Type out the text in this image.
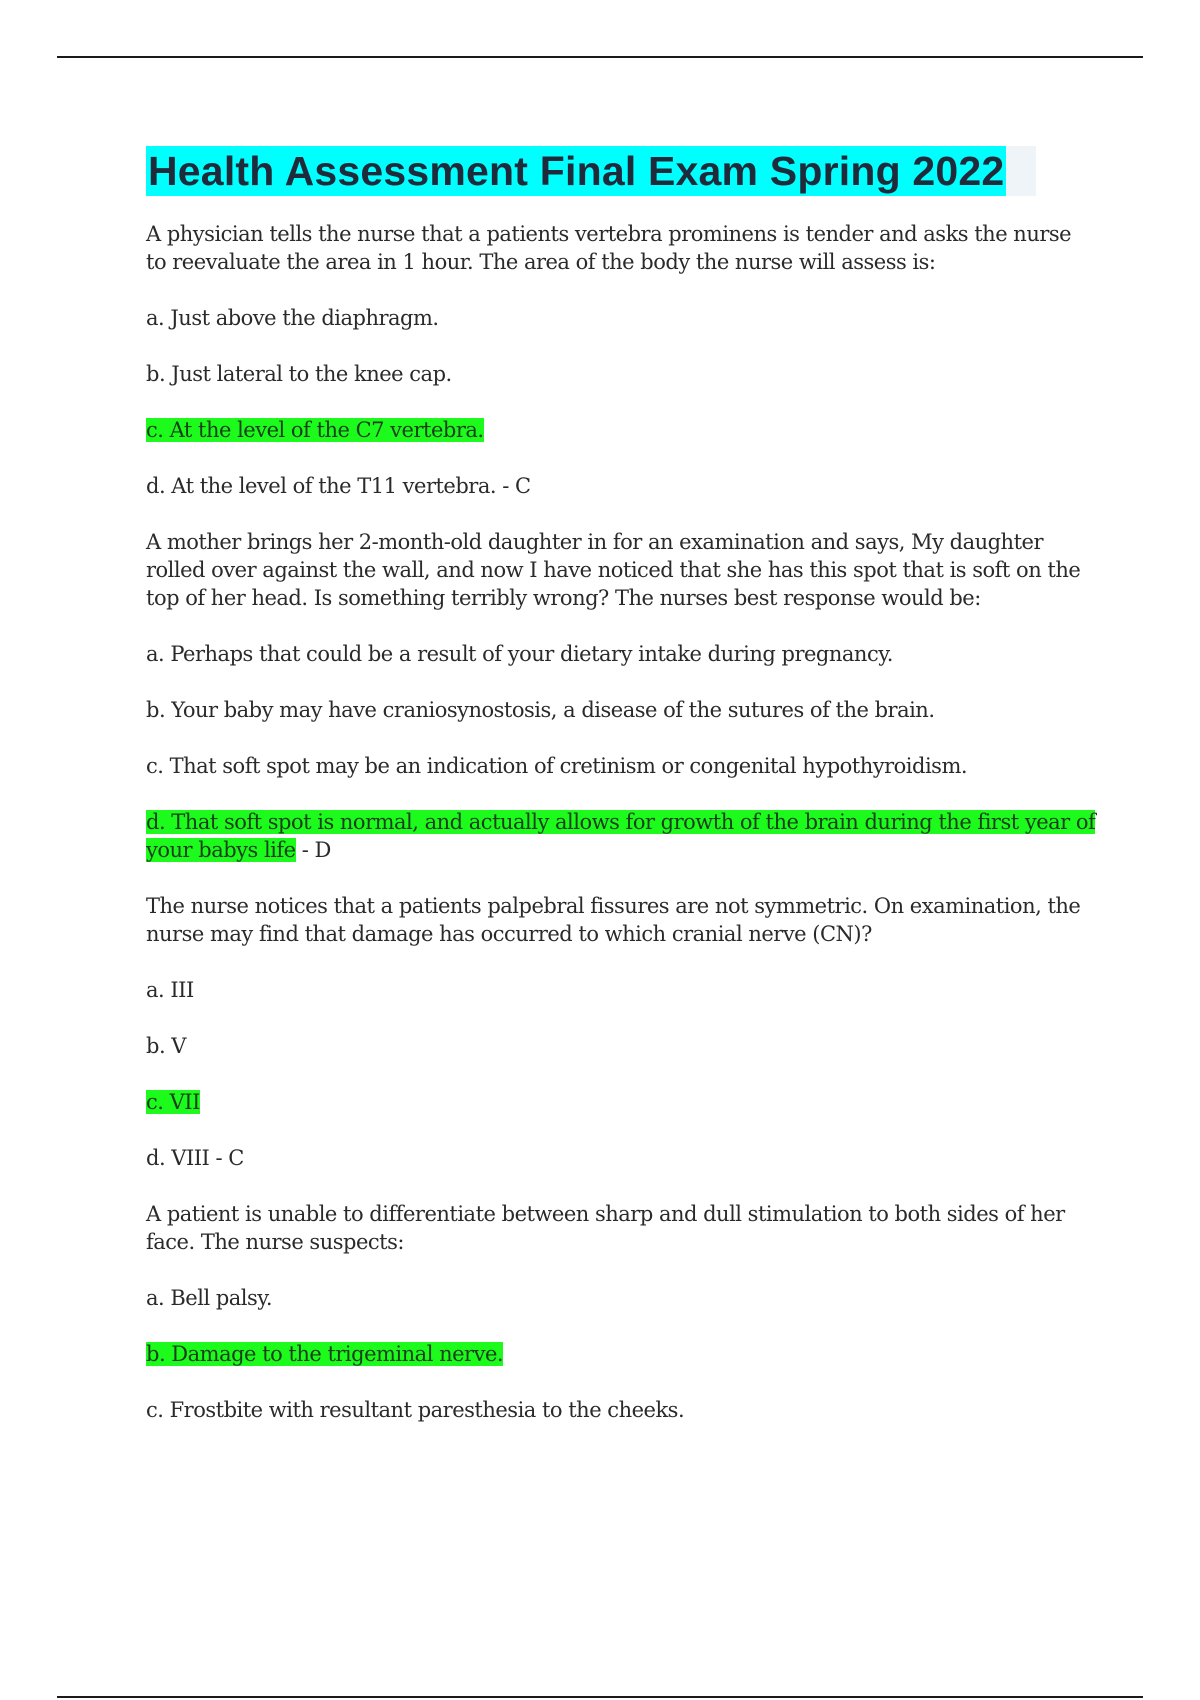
Health Assessment Final Exam Spring 2022

A physician tells the nurse that a patients vertebra prominens is tender and asks the nurse to reevaluate the area in 1 hour. The area of the body the nurse will assess is:

a. Just above the diaphragm.

b. Just lateral to the knee cap.

c. At the level of the C7 vertebra.

d. At the level of the T11 vertebra. - C

A mother brings her 2-month-old daughter in for an examination and says, My daughter rolled over against the wall, and now I have noticed that she has this spot that is soft on the top of her head. Is something terribly wrong? The nurses best response would be:

a. Perhaps that could be a result of your dietary intake during pregnancy.

b. Your baby may have craniosynostosis, a disease of the sutures of the brain.

c. That soft spot may be an indication of cretinism or congenital hypothyroidism.

d. That soft spot is normal, and actually allows for growth of the brain during the first year of your babys life - D

The nurse notices that a patients palpebral fissures are not symmetric. On examination, the nurse may find that damage has occurred to which cranial nerve (CN)?

a. III

b. V

c. VII

d. VIII - C

A patient is unable to differentiate between sharp and dull stimulation to both sides of her face. The nurse suspects:

a. Bell palsy.

b. Damage to the trigeminal nerve.

c. Frostbite with resultant paresthesia to the cheeks.
